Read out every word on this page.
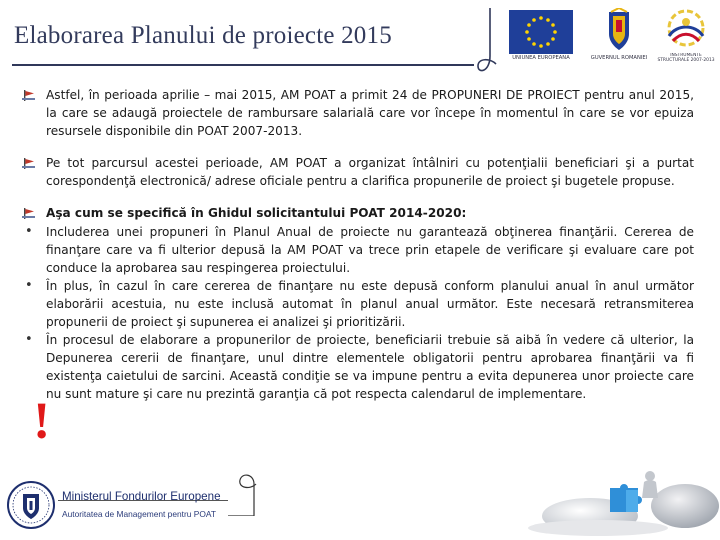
Elaborarea Planului de proiecte 2015
UNIUNEA EUROPEANĂ	GUVERNUL ROMÂNIEI	INSTRUMENTE STRUCTURALE 2007-2013
Astfel, în perioada aprilie – mai 2015, AM POAT a primit 24 de PROPUNERI DE PROIECT pentru anul 2015, la care se adaugă proiectele de rambursare salarială care vor începe în momentul în care se vor epuiza resursele disponibile din POAT 2007-2013.
Pe tot parcursul acestei perioade, AM POAT a organizat întâlniri cu potenţialii beneficiari şi a purtat corespondenţă electronică/ adrese oficiale pentru a clarifica propunerile de proiect şi bugetele propuse.
Aşa cum se specifică în Ghidul solicitantului POAT 2014-2020:
• Includerea unei propuneri în Planul Anual de proiecte nu garantează obţinerea finanţării. Cererea de finanţare care va fi ulterior depusă la AM POAT va trece prin etapele de verificare şi evaluare care pot conduce la aprobarea sau respingerea proiectului.
• În plus, în cazul în care cererea de finanţare nu este depusă conform planului anual în anul următor elaborării acestuia, nu este inclusă automat în planul anual următor. Este necesară retransmiterea propunerii de proiect şi supunerea ei analizei şi prioritizării.
• În procesul de elaborare a propunerilor de proiecte, beneficiarii trebuie să aibă în vedere că ulterior, la Depunerea cererii de finanţare, unul dintre elementele obligatorii pentru aprobarea finanţării va fi existenţa caietului de sarcini. Această condiţie se va impune pentru a evita depunerea unor proiecte care nu sunt mature şi care nu prezintă garanţia că pot respecta calendarul de implementare.
!
Ministerul Fondurilor Europene
Autoritatea de Management pentru POAT
